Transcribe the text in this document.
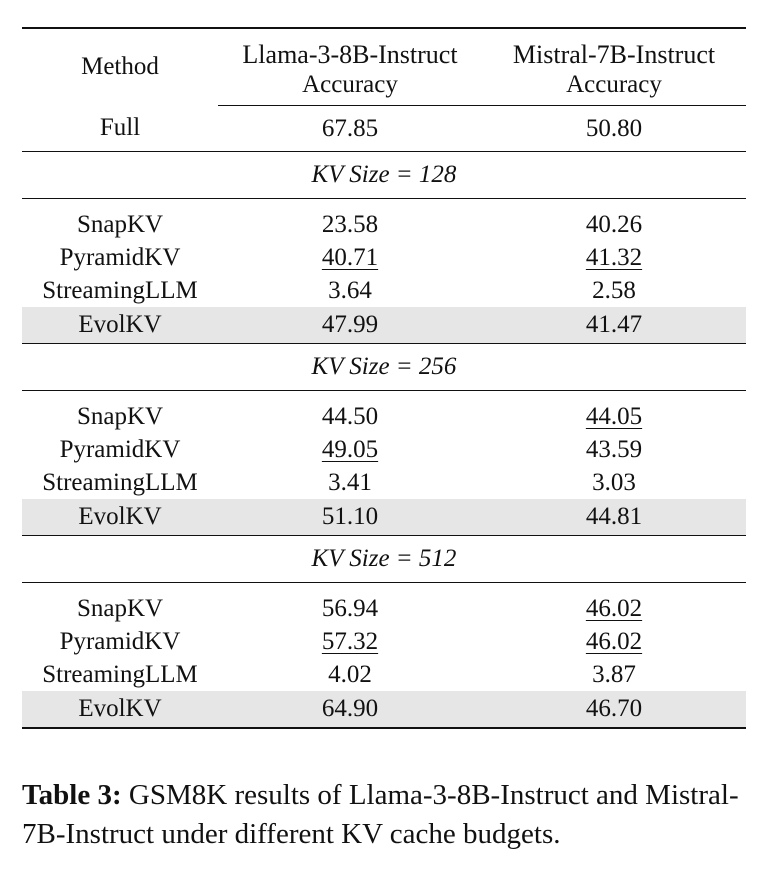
Method	Llama-3-8B-Instruct	Mistral-7B-Instruct
	Accuracy	Accuracy
Full	67.85	50.80
KV Size = 128		
SnapKV	23.58	40.26
PyramidKV	40.71	41.32
StreamingLLM	3.64	2.58
EvolKV	47.99	41.47
KV Size = 256		
SnapKV	44.50	44.05
PyramidKV	49.05	43.59
StreamingLLM	3.41	3.03
EvolKV	51.10	44.81
KV Size = 512		
SnapKV	56.94	46.02
PyramidKV	57.32	46.02
StreamingLLM	4.02	3.87
EvolKV	64.90	46.70
Table 3: GSM8K results of Llama-3-8B-Instruct and Mistral-7B-Instruct under different KV cache budgets.
